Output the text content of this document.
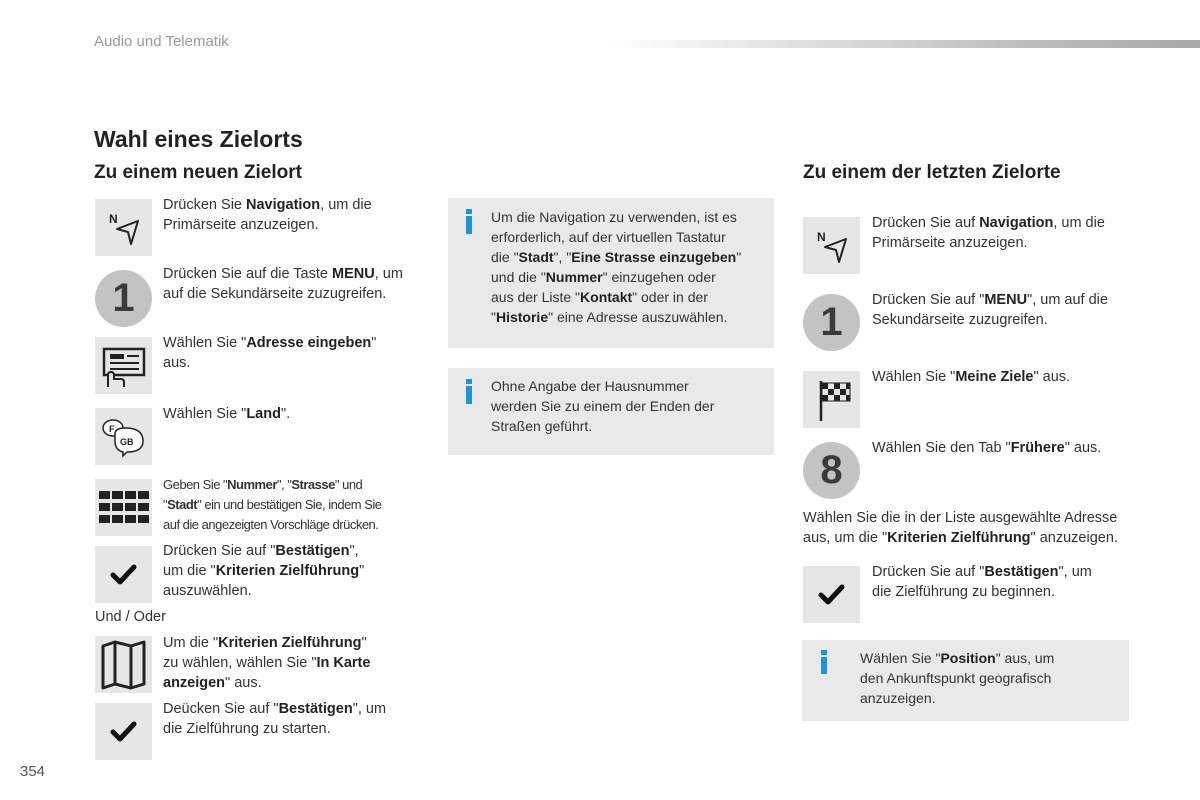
Audio und Telematik
Wahl eines Zielorts
Zu einem neuen Zielort
N
Drücken Sie Navigation, um die
Primärseite anzuzeigen.
1
Drücken Sie auf die Taste MENU, um
auf die Sekundärseite zuzugreifen.
Wählen Sie "Adresse eingeben"
aus.
F
GB
Wählen Sie "Land".
Geben Sie "Nummer", "Strasse" und
"Stadt" ein und bestätigen Sie, indem Sie
auf die angezeigten Vorschläge drücken.
Drücken Sie auf "Bestätigen",
um die "Kriterien Zielführung"
auszuwählen.
Und / Oder
Um die "Kriterien Zielführung"
zu wählen, wählen Sie "In Karte
anzeigen" aus.
Deücken Sie auf "Bestätigen", um
die Zielführung zu starten.
Um die Navigation zu verwenden, ist es
erforderlich, auf der virtuellen Tastatur
die "Stadt", "Eine Strasse einzugeben"
und die "Nummer" einzugehen oder
aus der Liste "Kontakt" oder in der
"Historie" eine Adresse auszuwählen.
Ohne Angabe der Hausnummer
werden Sie zu einem der Enden der
Straßen geführt.
Zu einem der letzten Zielorte
N
Drücken Sie auf Navigation, um die
Primärseite anzuzeigen.
1	Drücken Sie auf "MENU", um auf die
Sekundärseite zuzugreifen.
Wählen Sie "Meine Ziele" aus.
8	Wählen Sie den Tab "Frühere" aus.
Wählen Sie die in der Liste ausgewählte Adresse
aus, um die "Kriterien Zielführung" anzuzeigen.
Drücken Sie auf "Bestätigen", um
die Zielführung zu beginnen.
Wählen Sie "Position" aus, um
den Ankunftspunkt geografisch
anzuzeigen.
354
